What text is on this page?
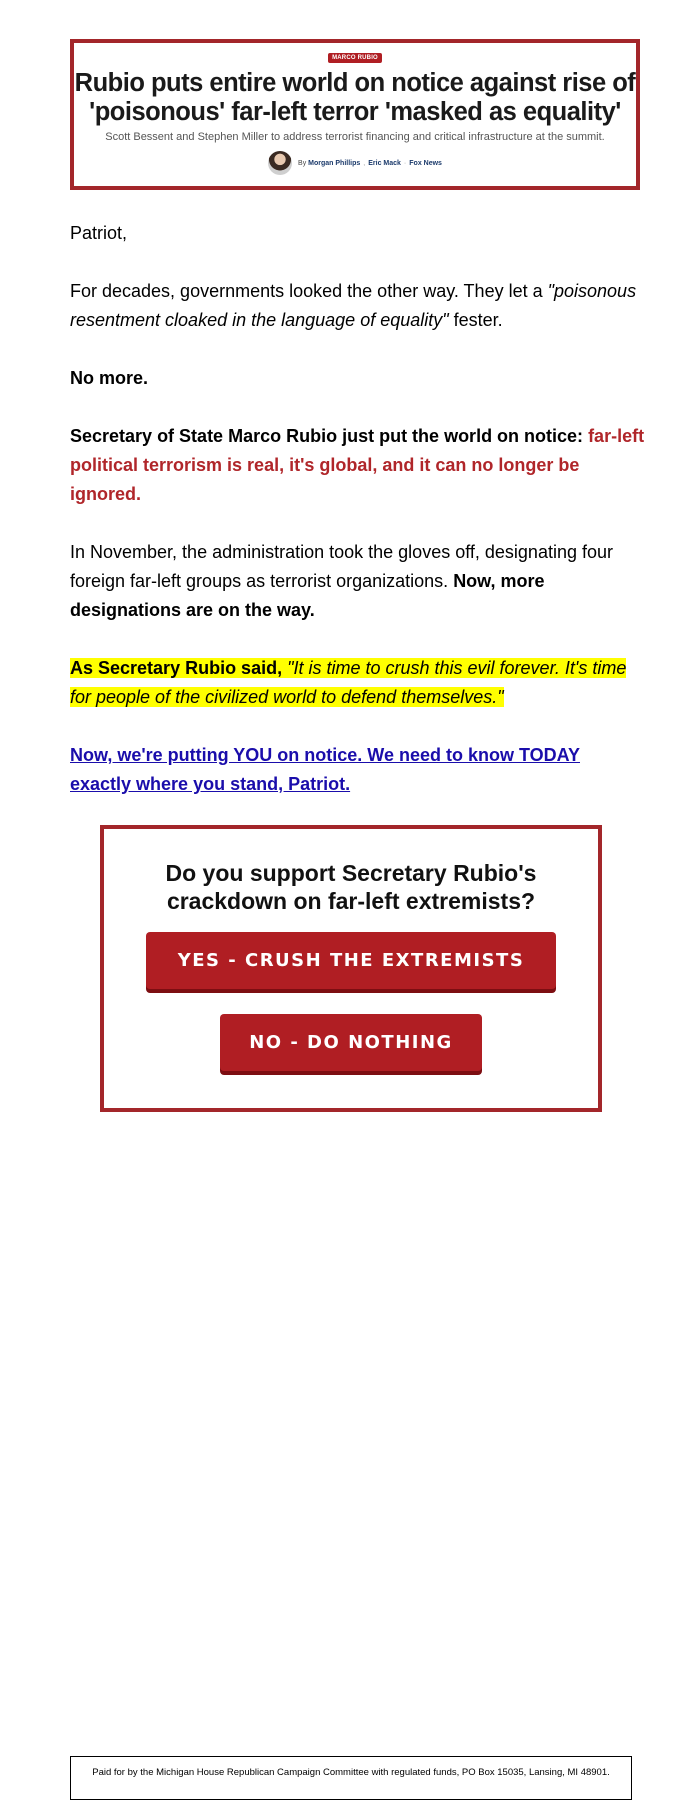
MARCO RUBIO
Rubio puts entire world on notice against rise of
'poisonous' far-left terror 'masked as equality'
Scott Bessent and Stephen Miller to address terrorist financing and critical infrastructure at the summit.
By
Morgan Phillips , Eric Mack · Fox News
Patriot,
For decades, governments looked the other way. They let a "poisonous resentment cloaked in the language of equality" fester.
No more.
Secretary of State Marco Rubio just put the world on notice: far-left political terrorism is real, it's global, and it can no longer be ignored.
In November, the administration took the gloves off, designating four foreign far-left groups as terrorist organizations. Now, more designations are on the way.
As Secretary Rubio said, "It is time to crush this evil forever. It's time for people of the civilized world to defend themselves."
Now, we're putting YOU on notice. We need to know TODAY exactly where you stand, Patriot.
Do you support Secretary Rubio's
crackdown on far-left extremists?
YES - CRUSH THE EXTREMISTS
NO - DO NOTHING
Paid for by the Michigan House Republican Campaign Committee with regulated funds, PO Box 15035, Lansing, MI 48901.
